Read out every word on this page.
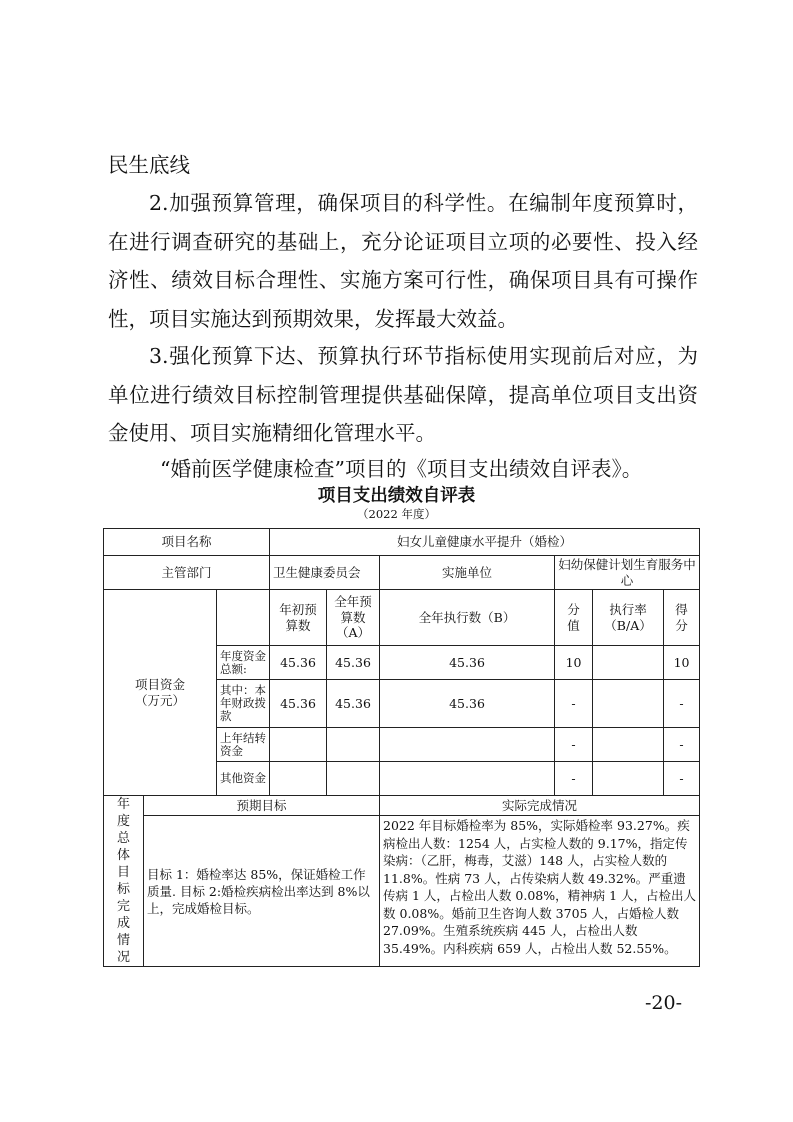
民生底线

2.加强预算管理，确保项目的科学性。在编制年度预算时，在进行调查研究的基础上，充分论证项目立项的必要性、投入经济性、绩效目标合理性、实施方案可行性，确保项目具有可操作性，项目实施达到预期效果，发挥最大效益。

3.强化预算下达、预算执行环节指标使用实现前后对应，为单位进行绩效目标控制管理提供基础保障，提高单位项目支出资金使用、项目实施精细化管理水平。

“婚前医学健康检查”项目的《项目支出绩效自评表》。

项目支出绩效自评表
（2022 年度）
项目名称			妇女儿童健康水平提升（婚检）					
主管部门			卫生健康委员会		实施单位	妇幼保健计划生育服务中心		
项目资金（万元）			年初预算数	全年预算数（A）	全年执行数（B）	分值	执行率（B/A）	得分
		年度资金总额:	45.36	45.36	45.36	10		10
		其中：本年财政拨款	45.36	45.36	45.36	-		-
		上年结转资金				-		-
		其他资金				-		-
年度总体目标完成情况	预期目标				实际完成情况			
	目标 1：婚检率达 85%，保证婚检工作质量. 目标 2:婚检疾病检出率达到 8%以上，完成婚检目标。				2022 年目标婚检率为 85%，实际婚检率 93.27%。疾病检出人数：1254 人，占实检人数的 9.17%，指定传染病：（乙肝，梅毒，艾滋）148 人，占实检人数的 11.8%。性病 73 人，占传染病人数 49.32%。严重遗传病 1 人，占检出人数 0.08%，精神病 1 人，占检出人数 0.08%。婚前卫生咨询人数 3705 人，占婚检人数 27.09%。生殖系统疾病 445 人，占检出人数 35.49%。内科疾病 659 人，占检出人数 52.55%。			
-20-
